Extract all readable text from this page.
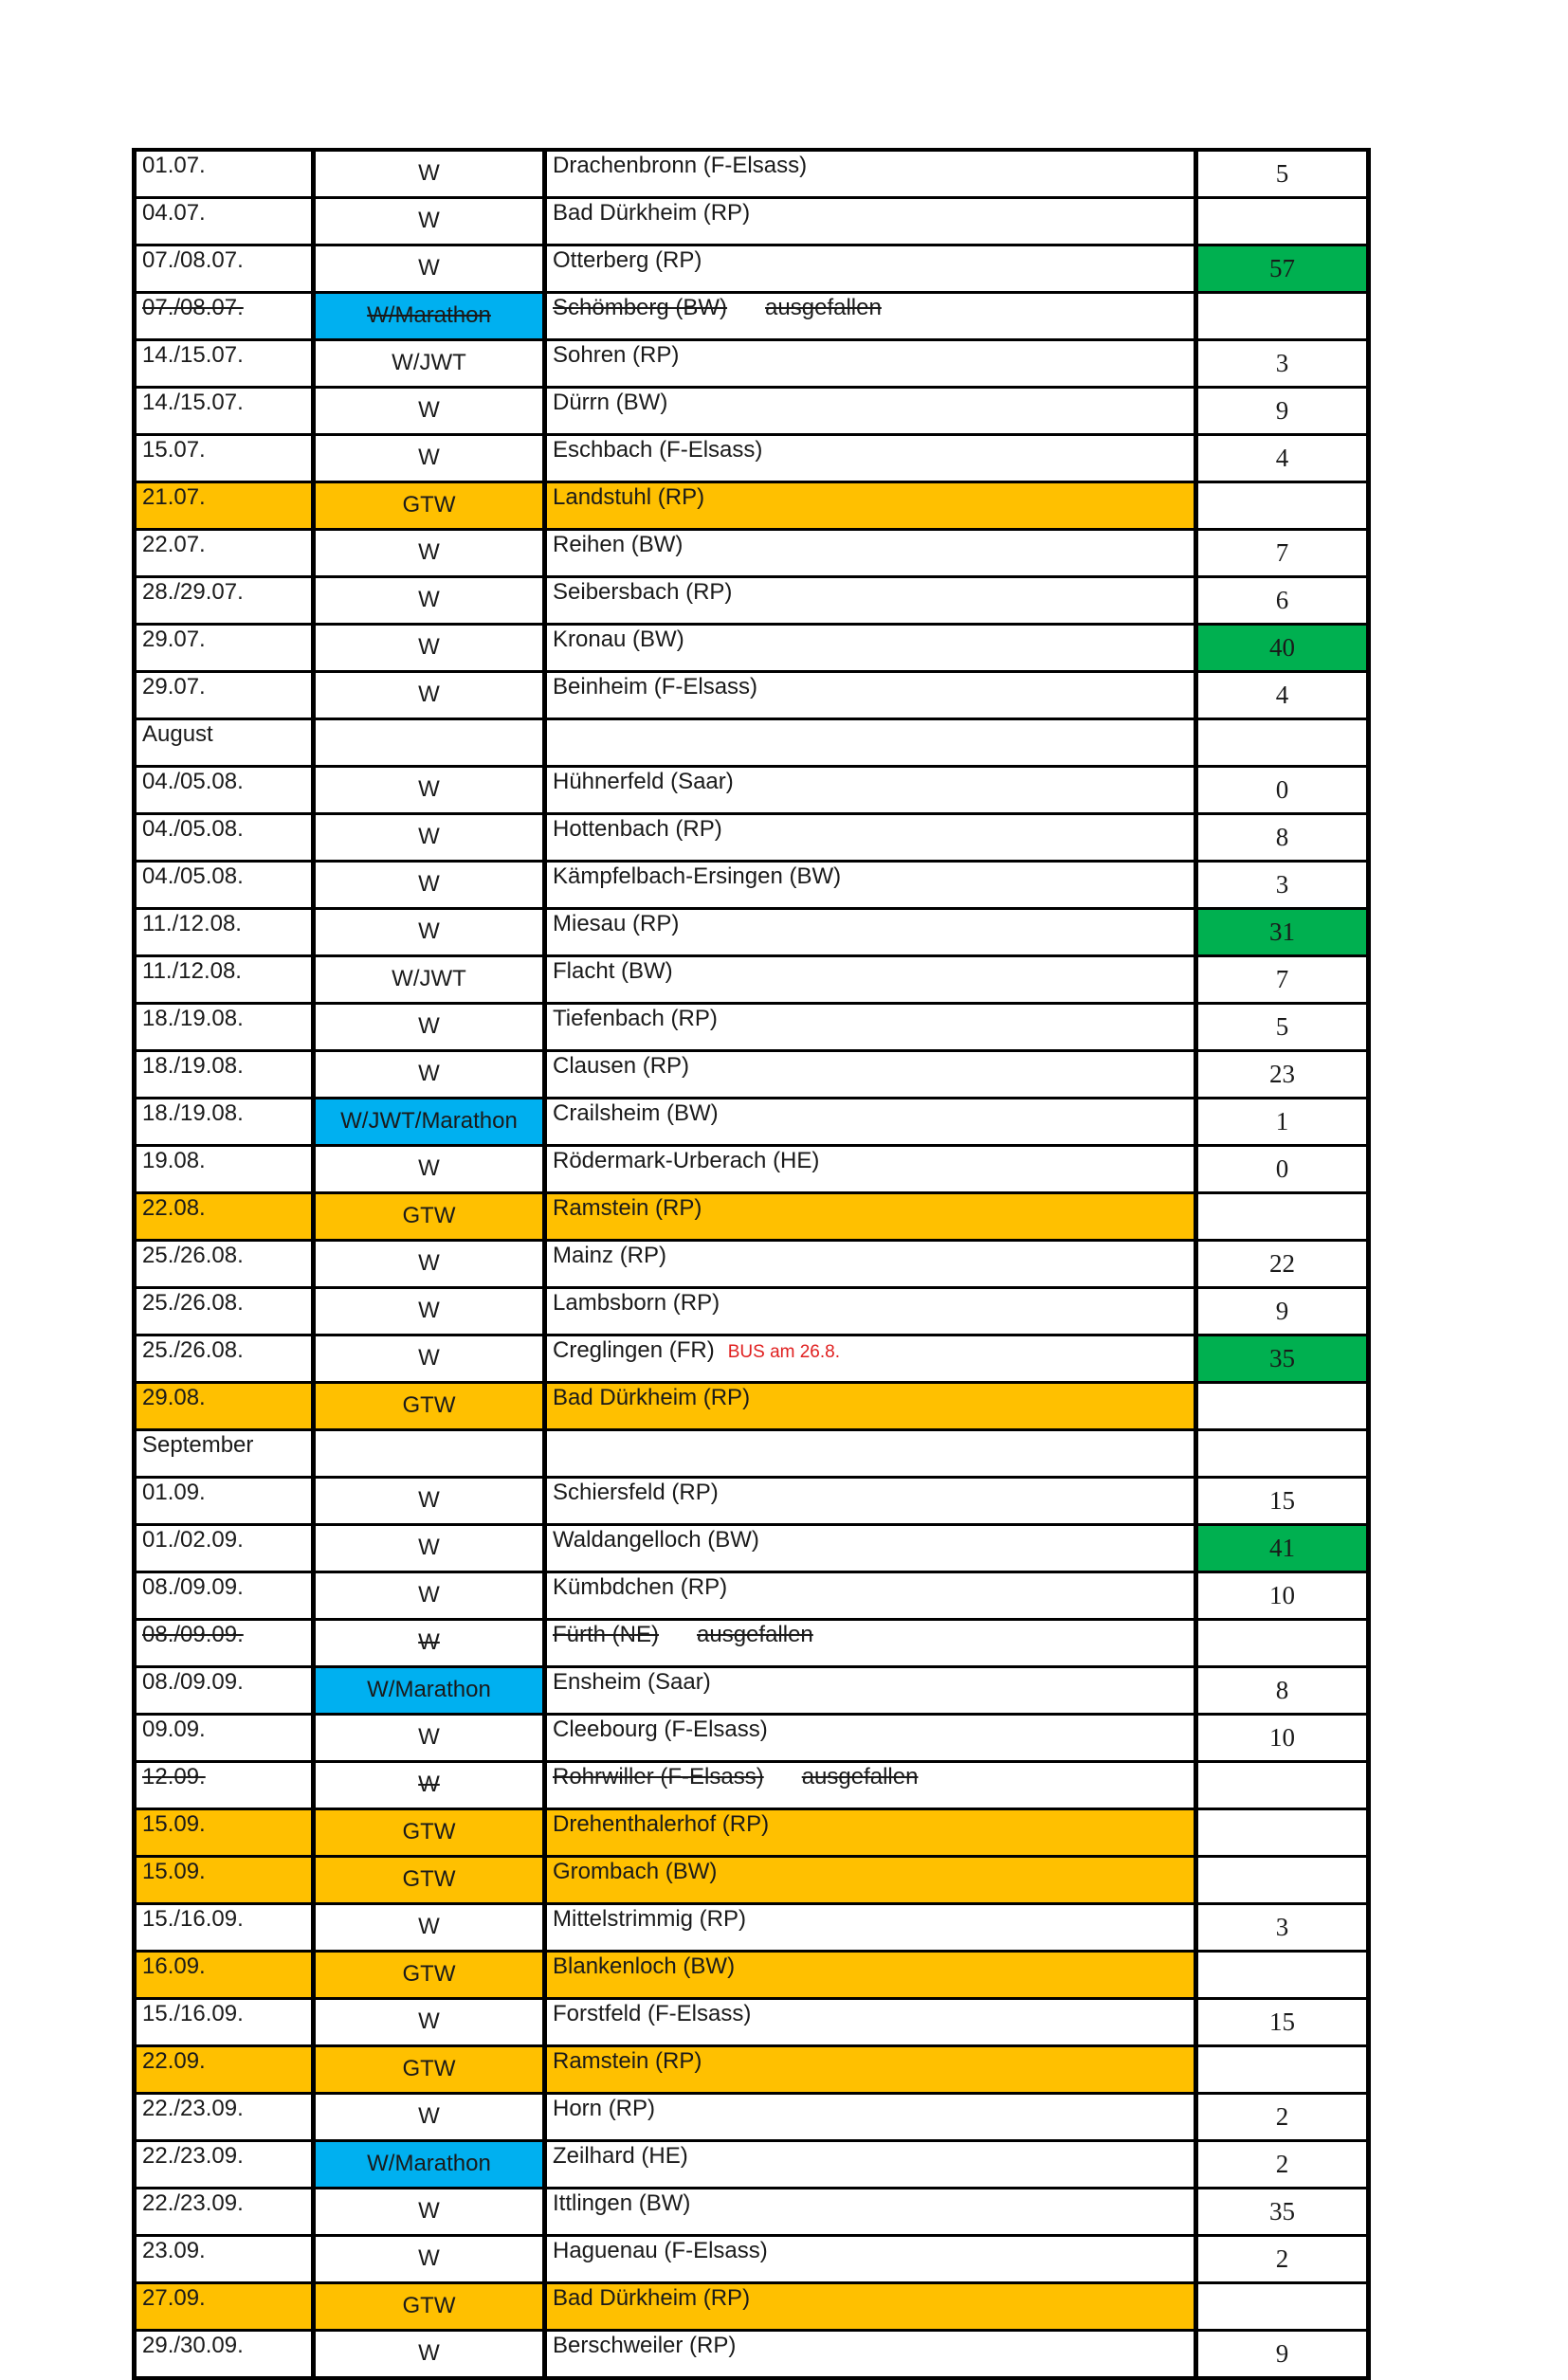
01.07.	W	Drachenbronn (F-Elsass)	5
04.07.	W	Bad Dürkheim (RP)	
07./08.07.	W	Otterberg (RP)	57
07./08.07.	W/Marathon	Schömberg (BW) ausgefallen	
14./15.07.	W/JWT	Sohren (RP)	3
14./15.07.	W	Dürrn (BW)	9
15.07.	W	Eschbach (F-Elsass)	4
21.07.	GTW	Landstuhl (RP)	
22.07.	W	Reihen (BW)	7
28./29.07.	W	Seibersbach (RP)	6
29.07.	W	Kronau (BW)	40
29.07.	W	Beinheim (F-Elsass)	4
August			
04./05.08.	W	Hühnerfeld (Saar)	0
04./05.08.	W	Hottenbach (RP)	8
04./05.08.	W	Kämpfelbach-Ersingen (BW)	3
11./12.08.	W	Miesau (RP)	31
11./12.08.	W/JWT	Flacht (BW)	7
18./19.08.	W	Tiefenbach (RP)	5
18./19.08.	W	Clausen (RP)	23
18./19.08.	W/JWT/Marathon	Crailsheim (BW)	1
19.08.	W	Rödermark-Urberach (HE)	0
22.08.	GTW	Ramstein (RP)	
25./26.08.	W	Mainz (RP)	22
25./26.08.	W	Lambsborn (RP)	9
25./26.08.	W	Creglingen (FR) BUS am 26.8.	35
29.08.	GTW	Bad Dürkheim (RP)	
September			
01.09.	W	Schiersfeld (RP)	15
01./02.09.	W	Waldangelloch (BW)	41
08./09.09.	W	Kümbdchen (RP)	10
08./09.09.	W	Fürth (NE) ausgefallen	
08./09.09.	W/Marathon	Ensheim (Saar)	8
09.09.	W	Cleebourg (F-Elsass)	10
12.09.	W	Rohrwiller (F-Elsass) ausgefallen	
15.09.	GTW	Drehenthalerhof (RP)	
15.09.	GTW	Grombach (BW)	
15./16.09.	W	Mittelstrimmig (RP)	3
16.09.	GTW	Blankenloch (BW)	
15./16.09.	W	Forstfeld (F-Elsass)	15
22.09.	GTW	Ramstein (RP)	
22./23.09.	W	Horn (RP)	2
22./23.09.	W/Marathon	Zeilhard (HE)	2
22./23.09.	W	Ittlingen (BW)	35
23.09.	W	Haguenau (F-Elsass)	2
27.09.	GTW	Bad Dürkheim (RP)	
29./30.09.	W	Berschweiler (RP)	9
